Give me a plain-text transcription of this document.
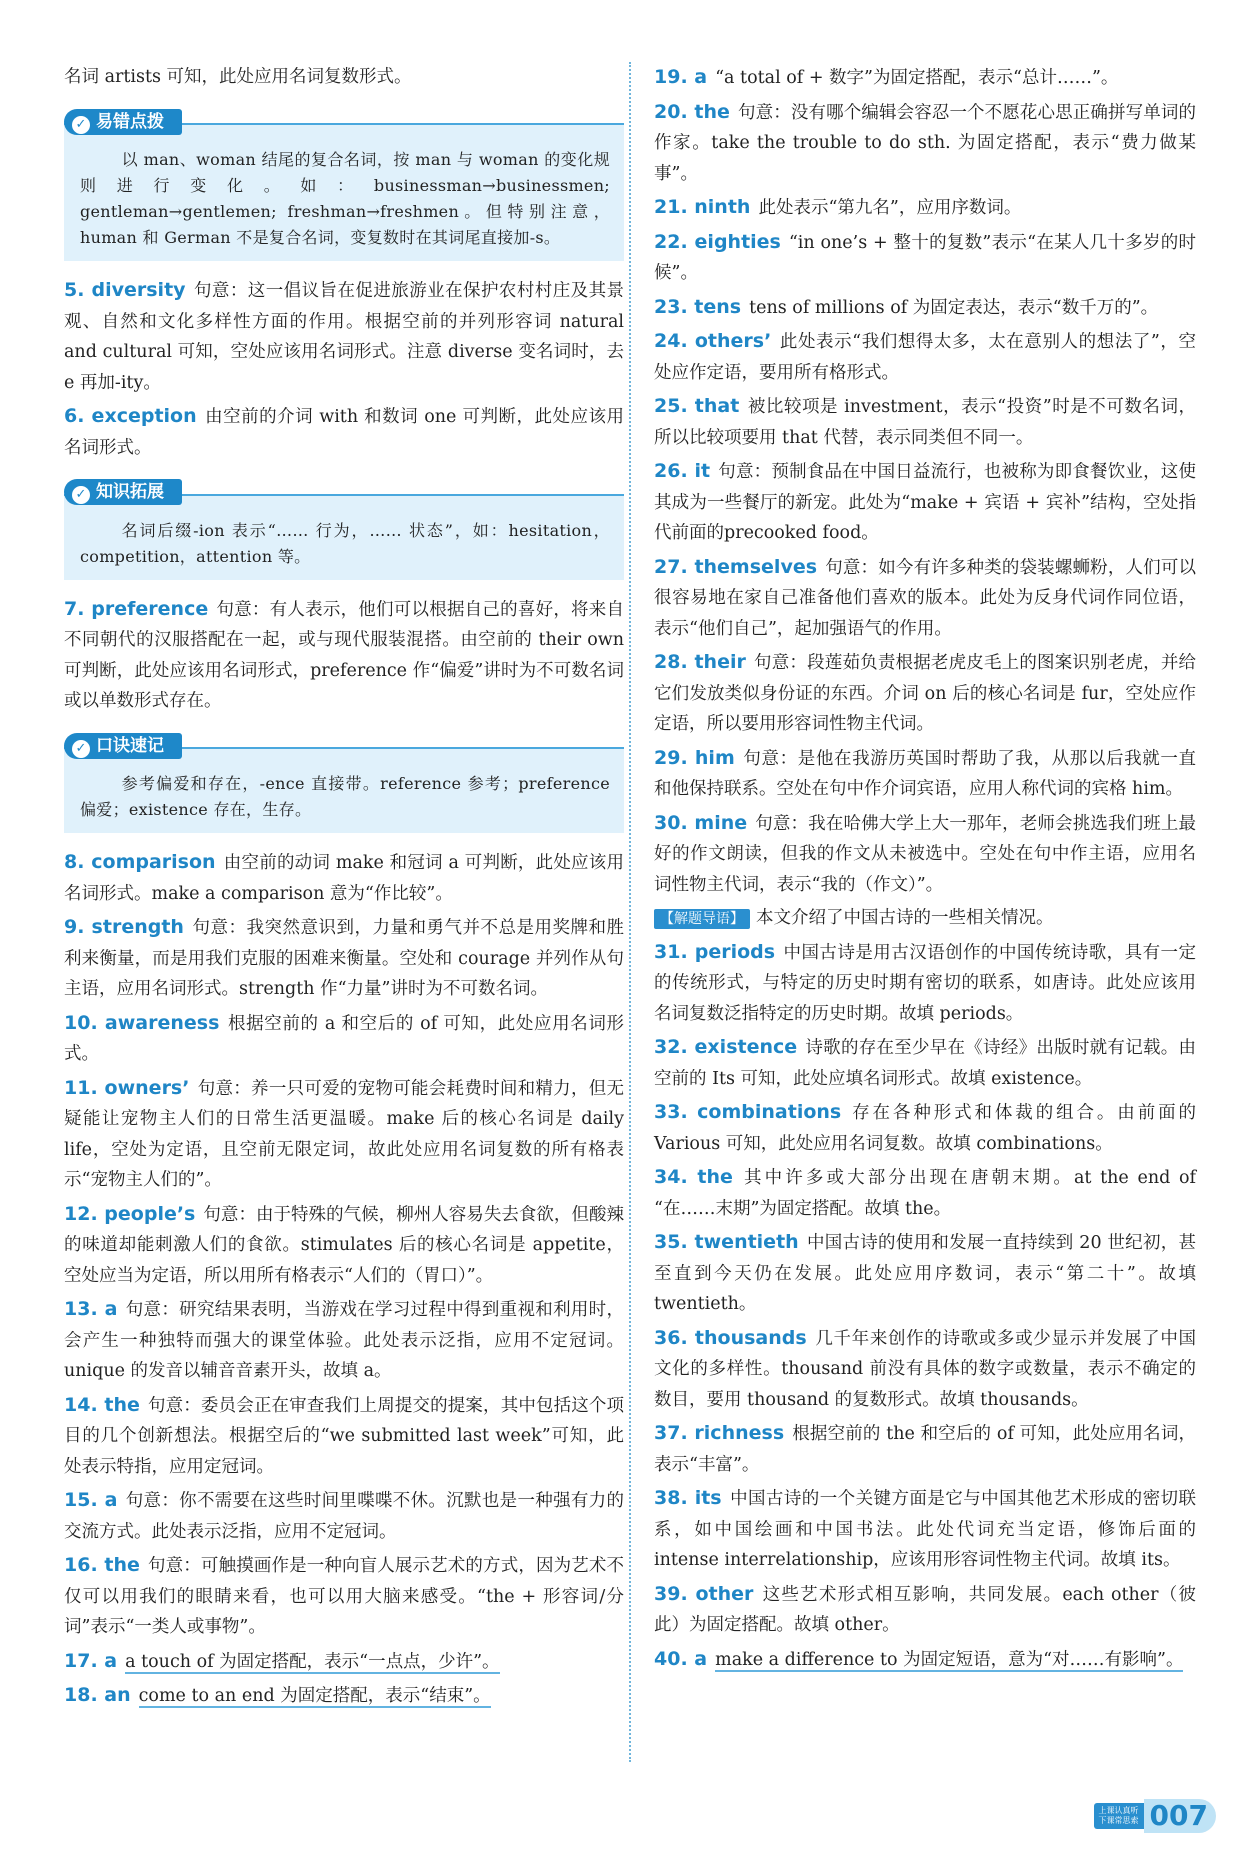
名词 artists 可知，此处应用名词复数形式。

✓ 易错点拨

以 man、woman 结尾的复合名词，按 man 与 woman 的变化规则进行变化。如：businessman→businessmen; gentleman→gentlemen; freshman→freshmen。但特别注意，human 和 German 不是复合名词，变复数时在其词尾直接加-s。

5. diversity 句意：这一倡议旨在促进旅游业在保护农村村庄及其景观、自然和文化多样性方面的作用。根据空前的并列形容词 natural and cultural 可知，空处应该用名词形式。注意 diverse 变名词时，去 e 再加-ity。

6. exception 由空前的介词 with 和数词 one 可判断，此处应该用名词形式。

✓ 知识拓展

名词后缀-ion 表示“…… 行为，…… 状态”，如：hesitation，competition，attention 等。

7. preference 句意：有人表示，他们可以根据自己的喜好，将来自不同朝代的汉服搭配在一起，或与现代服装混搭。由空前的 their own 可判断，此处应该用名词形式，preference 作“偏爱”讲时为不可数名词或以单数形式存在。

✓ 口诀速记

参考偏爱和存在，-ence 直接带。reference 参考；preference 偏爱；existence 存在，生存。

8. comparison 由空前的动词 make 和冠词 a 可判断，此处应该用名词形式。make a comparison 意为“作比较”。

9. strength 句意：我突然意识到，力量和勇气并不总是用奖牌和胜利来衡量，而是用我们克服的困难来衡量。空处和 courage 并列作从句主语，应用名词形式。strength 作“力量”讲时为不可数名词。

10. awareness 根据空前的 a 和空后的 of 可知，此处应用名词形式。

11. owners’ 句意：养一只可爱的宠物可能会耗费时间和精力，但无疑能让宠物主人们的日常生活更温暖。make 后的核心名词是 daily life，空处为定语，且空前无限定词，故此处应用名词复数的所有格表示“宠物主人们的”。

12. people’s 句意：由于特殊的气候，柳州人容易失去食欲，但酸辣的味道却能刺激人们的食欲。stimulates 后的核心名词是 appetite，空处应当为定语，所以用所有格表示“人们的（胃口）”。

13. a 句意：研究结果表明，当游戏在学习过程中得到重视和利用时，会产生一种独特而强大的课堂体验。此处表示泛指，应用不定冠词。unique 的发音以辅音音素开头，故填 a。

14. the 句意：委员会正在审查我们上周提交的提案，其中包括这个项目的几个创新想法。根据空后的“we submitted last week”可知，此处表示特指，应用定冠词。

15. a 句意：你不需要在这些时间里喋喋不休。沉默也是一种强有力的交流方式。此处表示泛指，应用不定冠词。

16. the 句意：可触摸画作是一种向盲人展示艺术的方式，因为艺术不仅可以用我们的眼睛来看，也可以用大脑来感受。“the + 形容词/分词”表示“一类人或事物”。

17. a a touch of 为固定搭配，表示“一点点，少许”。

18. an come to an end 为固定搭配，表示“结束”。

19. a “a total of + 数字”为固定搭配，表示“总计……”。

20. the 句意：没有哪个编辑会容忍一个不愿花心思正确拼写单词的作家。take the trouble to do sth. 为固定搭配，表示“费力做某事”。

21. ninth 此处表示“第九名”，应用序数词。

22. eighties “in one’s + 整十的复数”表示“在某人几十多岁的时候”。

23. tens tens of millions of 为固定表达，表示“数千万的”。

24. others’ 此处表示“我们想得太多，太在意别人的想法了”，空处应作定语，要用所有格形式。

25. that 被比较项是 investment，表示“投资”时是不可数名词，所以比较项要用 that 代替，表示同类但不同一。

26. it 句意：预制食品在中国日益流行，也被称为即食餐饮业，这使其成为一些餐厅的新宠。此处为“make + 宾语 + 宾补”结构，空处指代前面的precooked food。

27. themselves 句意：如今有许多种类的袋装螺蛳粉，人们可以很容易地在家自己准备他们喜欢的版本。此处为反身代词作同位语，表示“他们自己”，起加强语气的作用。

28. their 句意：段莲茹负责根据老虎皮毛上的图案识别老虎，并给它们发放类似身份证的东西。介词 on 后的核心名词是 fur，空处应作定语，所以要用形容词性物主代词。

29. him 句意：是他在我游历英国时帮助了我，从那以后我就一直和他保持联系。空处在句中作介词宾语，应用人称代词的宾格 him。

30. mine 句意：我在哈佛大学上大一那年，老师会挑选我们班上最好的作文朗读，但我的作文从未被选中。空处在句中作主语，应用名词性物主代词，表示“我的（作文）”。

【解题导语】 本文介绍了中国古诗的一些相关情况。

31. periods 中国古诗是用古汉语创作的中国传统诗歌，具有一定的传统形式，与特定的历史时期有密切的联系，如唐诗。此处应该用名词复数泛指特定的历史时期。故填 periods。

32. existence 诗歌的存在至少早在《诗经》出版时就有记载。由空前的 Its 可知，此处应填名词形式。故填 existence。

33. combinations 存在各种形式和体裁的组合。由前面的 Various 可知，此处应用名词复数。故填 combinations。

34. the 其中许多或大部分出现在唐朝末期。at the end of “在……末期”为固定搭配。故填 the。

35. twentieth 中国古诗的使用和发展一直持续到 20 世纪初，甚至直到今天仍在发展。此处应用序数词，表示“第二十”。故填 twentieth。

36. thousands 几千年来创作的诗歌或多或少显示并发展了中国文化的多样性。thousand 前没有具体的数字或数量，表示不确定的数目，要用 thousand 的复数形式。故填 thousands。

37. richness 根据空前的 the 和空后的 of 可知，此处应用名词，表示“丰富”。

38. its 中国古诗的一个关键方面是它与中国其他艺术形成的密切联系，如中国绘画和中国书法。此处代词充当定语，修饰后面的 intense interrelationship，应该用形容词性物主代词。故填 its。

39. other 这些艺术形式相互影响，共同发展。each other（彼此）为固定搭配。故填 other。

40. a make a difference to 为固定短语，意为“对……有影响”。

上课认真听
下课常思索 007
